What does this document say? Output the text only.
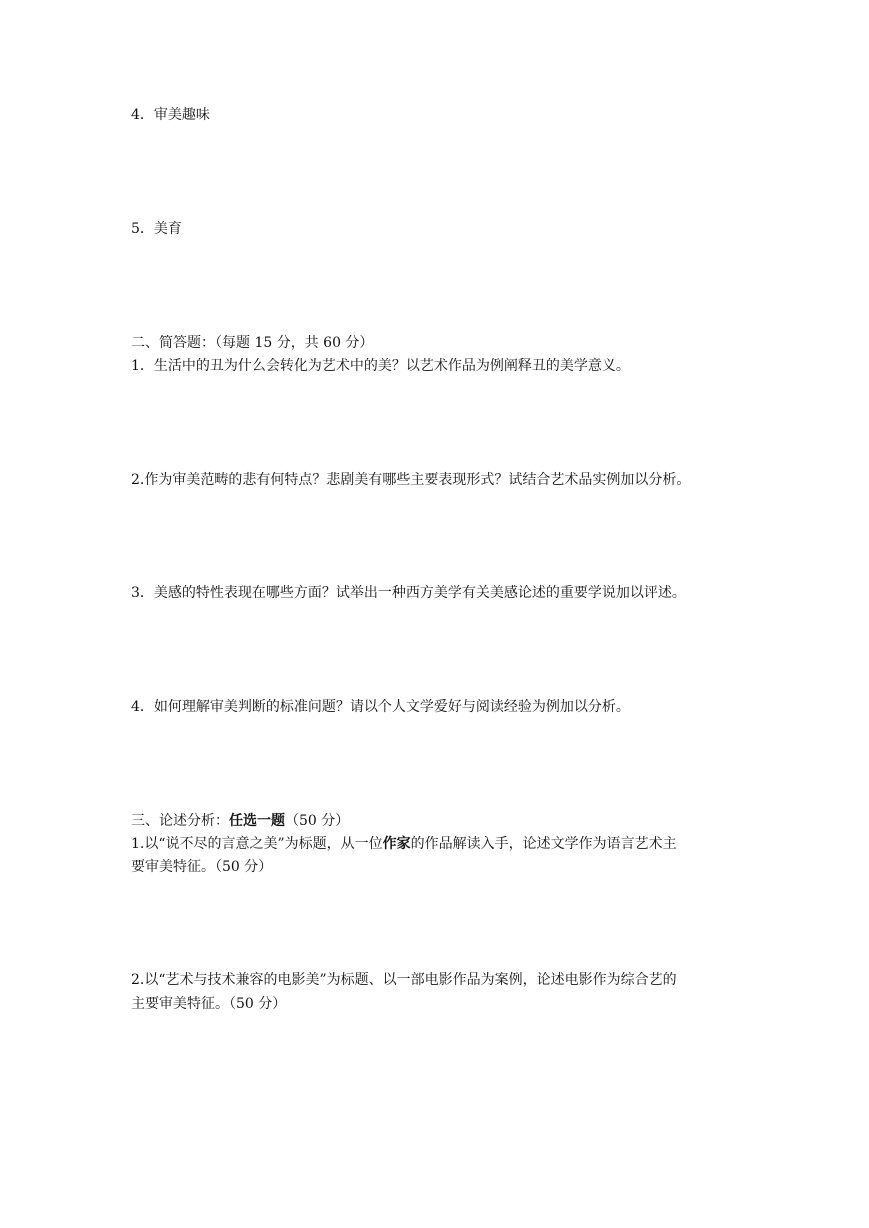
4．审美趣味

5．美育

二、简答题：（每题 15 分，共 60 分）

1．生活中的丑为什么会转化为艺术中的美？以艺术作品为例阐释丑的美学意义。

2.作为审美范畴的悲有何特点？悲剧美有哪些主要表现形式？试结合艺术品实例加以分析。

3．美感的特性表现在哪些方面？试举出一种西方美学有关美感论述的重要学说加以评述。

4．如何理解审美判断的标准问题？请以个人文学爱好与阅读经验为例加以分析。

三、论述分析：任选一题（50 分）

1.以“说不尽的言意之美”为标题，从一位作家的作品解读入手，论述文学作为语言艺术主

要审美特征。（50 分）

2.以“艺术与技术兼容的电影美”为标题、以一部电影作品为案例，论述电影作为综合艺的

主要审美特征。（50 分）
